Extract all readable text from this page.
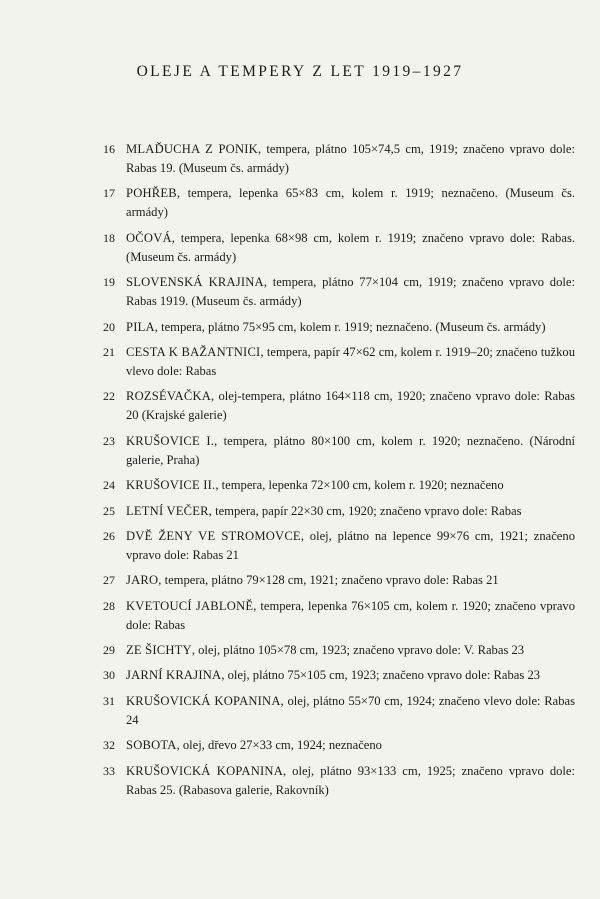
OLEJE A TEMPERY Z LET 1919–1927
16 MLAĎUCHA Z PONIK, tempera, plátno 105×74,5 cm, 1919; značeno vpravo dole: Rabas 19. (Museum čs. armády)
17 POHŘEB, tempera, lepenka 65×83 cm, kolem r. 1919; neznačeno. (Museum čs. armády)
18 OČOVÁ, tempera, lepenka 68×98 cm, kolem r. 1919; značeno vpravo dole: Rabas. (Museum čs. armády)
19 SLOVENSKÁ KRAJINA, tempera, plátno 77×104 cm, 1919; značeno vpravo dole: Rabas 1919. (Museum čs. armády)
20 PILA, tempera, plátno 75×95 cm, kolem r. 1919; neznačeno. (Museum čs. armády)
21 CESTA K BAŽANTNICI, tempera, papír 47×62 cm, kolem r. 1919–20; značeno tužkou vlevo dole: Rabas
22 ROZSÉVAČKA, olej-tempera, plátno 164×118 cm, 1920; značeno vpravo dole: Rabas 20 (Krajské galerie)
23 KRUŠOVICE I., tempera, plátno 80×100 cm, kolem r. 1920; neznačeno. (Národní galerie, Praha)
24 KRUŠOVICE II., tempera, lepenka 72×100 cm, kolem r. 1920; neznačeno
25 LETNÍ VEČER, tempera, papír 22×30 cm, 1920; značeno vpravo dole: Rabas
26 DVĚ ŽENY VE STROMOVCE, olej, plátno na lepence 99×76 cm, 1921; značeno vpravo dole: Rabas 21
27 JARO, tempera, plátno 79×128 cm, 1921; značeno vpravo dole: Rabas 21
28 KVETOUCÍ JABLONĚ, tempera, lepenka 76×105 cm, kolem r. 1920; značeno vpravo dole: Rabas
29 ZE ŠICHTY, olej, plátno 105×78 cm, 1923; značeno vpravo dole: V. Rabas 23
30 JARNÍ KRAJINA, olej, plátno 75×105 cm, 1923; značeno vpravo dole: Rabas 23
31 KRUŠOVICKÁ KOPANINA, olej, plátno 55×70 cm, 1924; značeno vlevo dole: Rabas 24
32 SOBOTA, olej, dřevo 27×33 cm, 1924; neznačeno
33 KRUŠOVICKÁ KOPANINA, olej, plátno 93×133 cm, 1925; značeno vpravo dole: Rabas 25. (Rabasova galerie, Rakovník)
